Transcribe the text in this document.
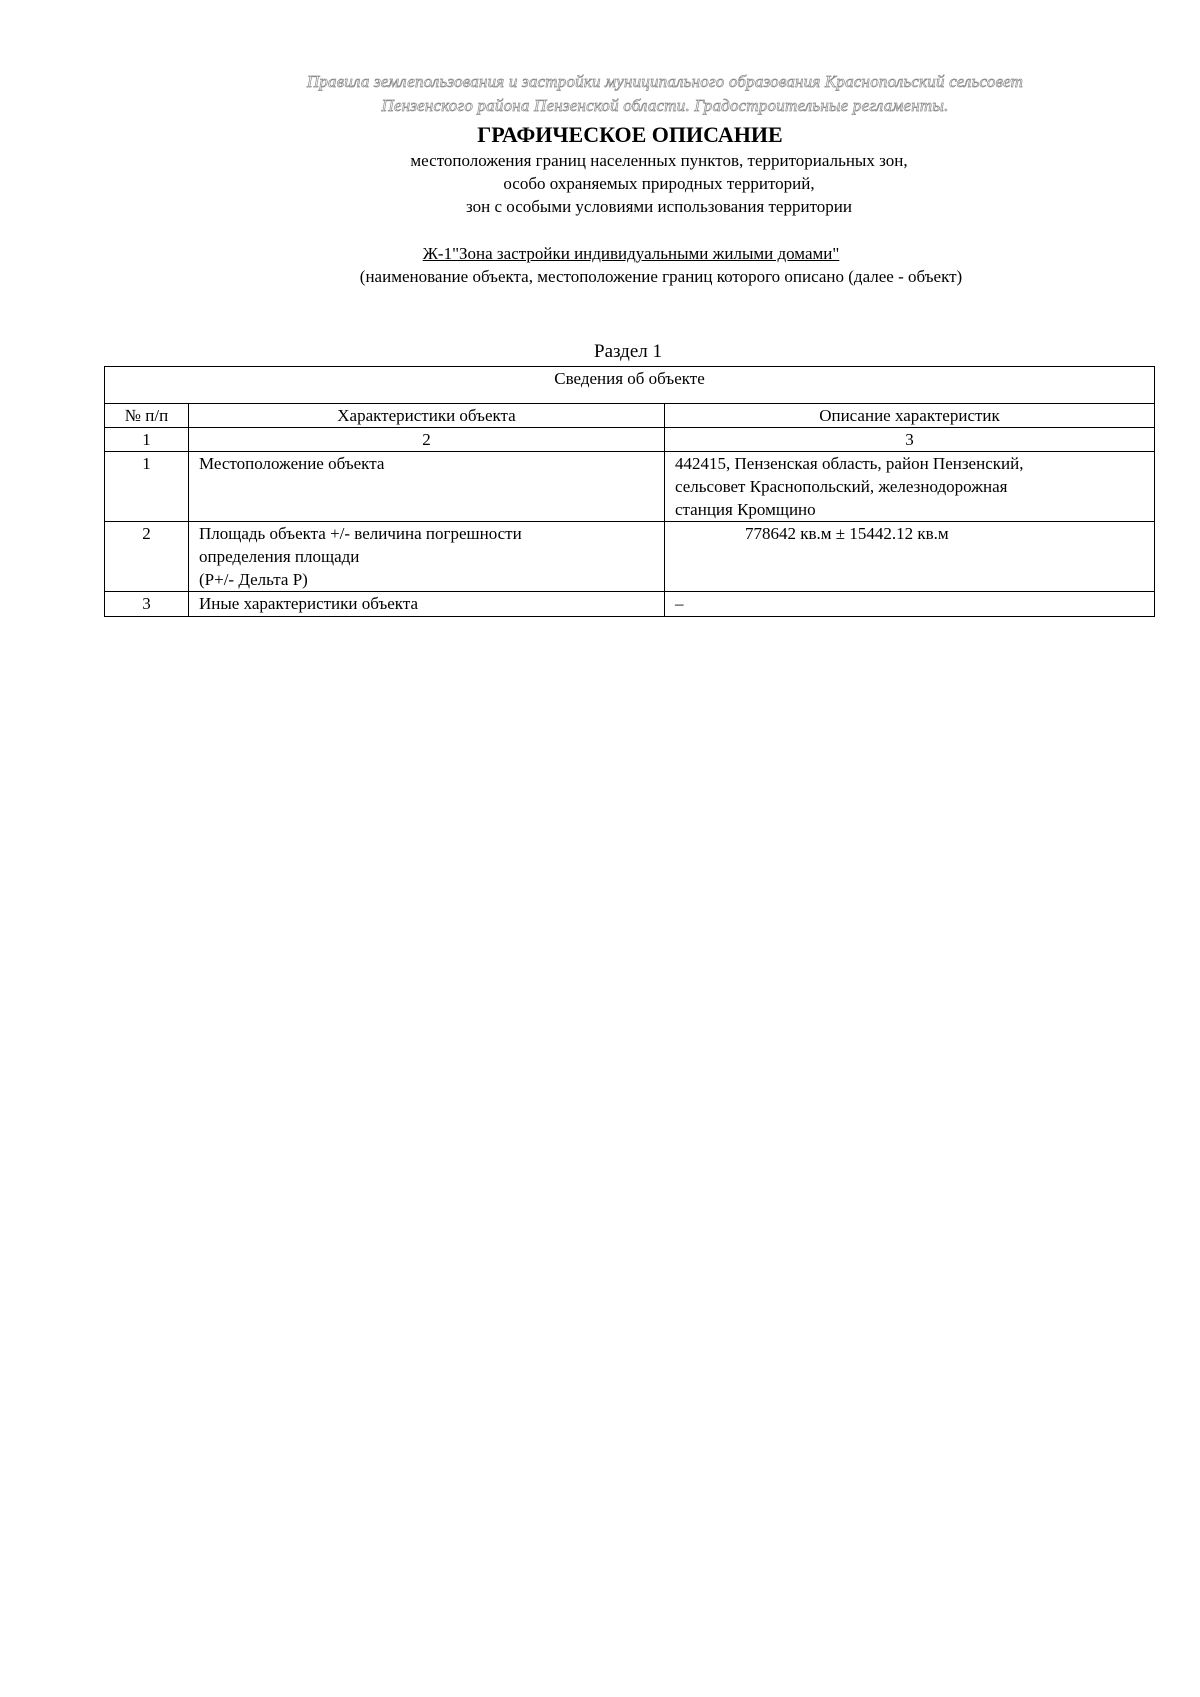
Правила землепользования и застройки муниципального образования Краснопольский сельсовет
Пензенского района Пензенской области. Градостроительные регламенты.
ГРАФИЧЕСКОЕ ОПИСАНИЕ
местоположения границ населенных пунктов, территориальных зон,
особо охраняемых природных территорий,
зон с особыми условиями использования территории
Ж-1"Зона застройки индивидуальными жилыми домами"
(наименование объекта, местоположение границ которого описано (далее - объект)
Раздел 1
Сведения об объекте		
№ п/п	Характеристики объекта	Описание характеристик
1	2	3
1	Местоположение объекта	442415, Пензенская область, район Пензенский,
сельсовет Краснопольский, железнодорожная
станция Кромщино

2	Площадь объекта +/- величина погрешности
определения площади
(Р+/- Дельта Р)	778642 кв.м ± 15442.12 кв.м

3	Иные характеристики объекта	–
